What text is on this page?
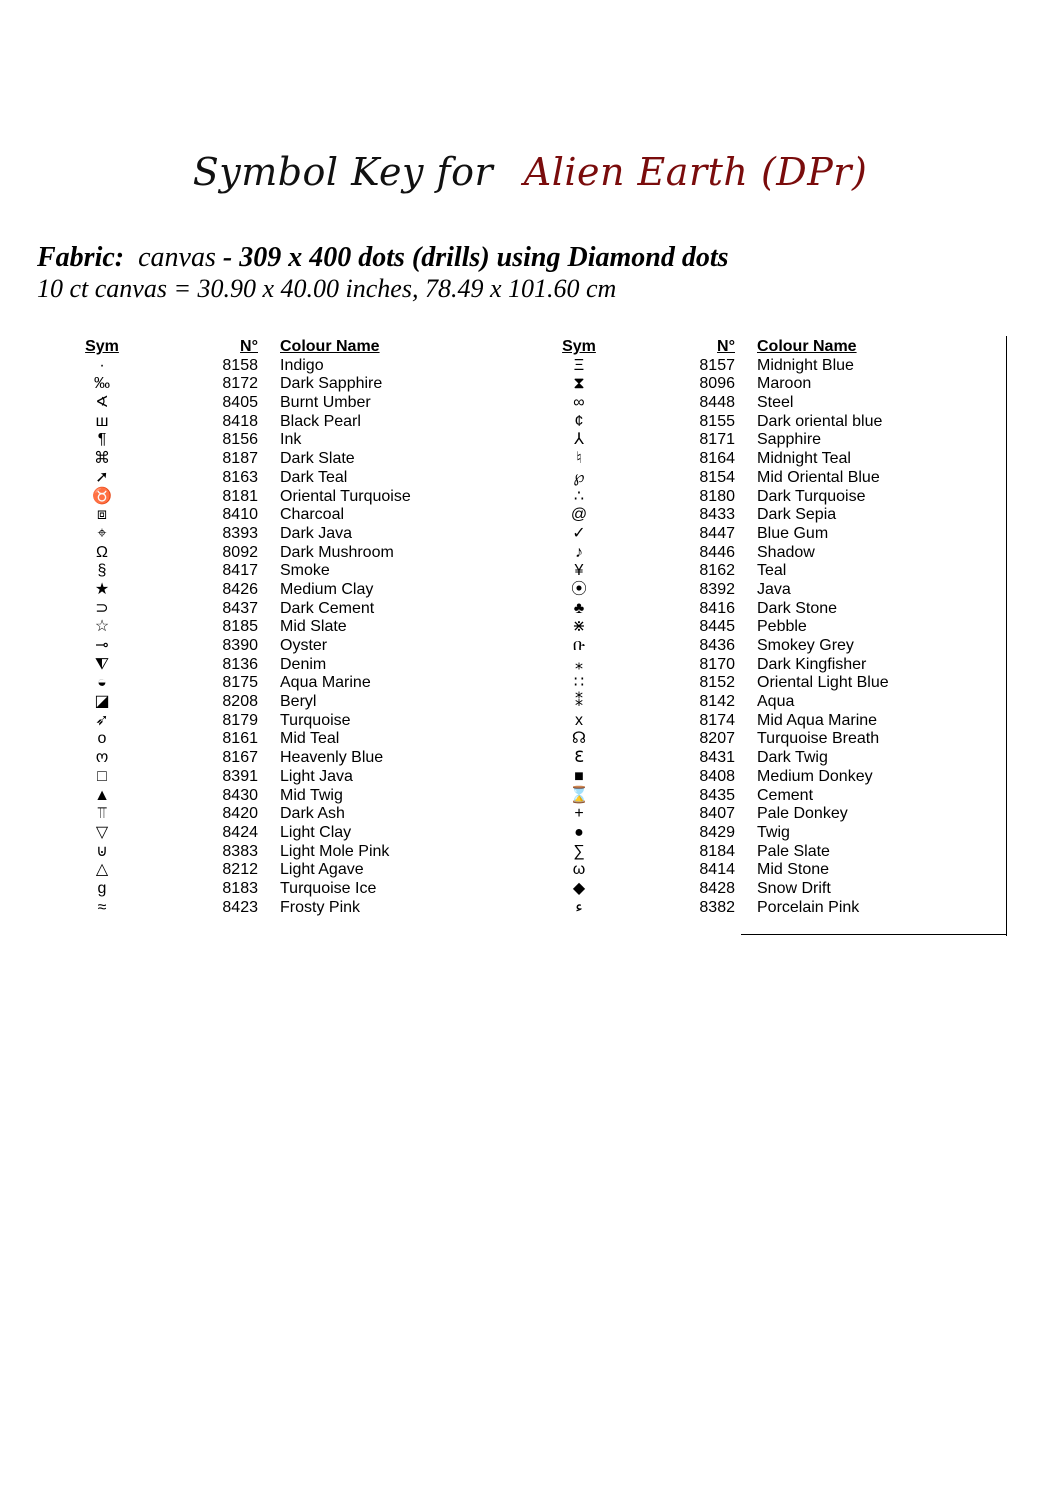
Symbol Key for Alien Earth (DPr)
Fabric: canvas - 309 x 400 dots (drills) using Diamond dots
10 ct canvas = 30.90 x 40.00 inches, 78.49 x 101.60 cm
Sym	N°	Colour Name
·	8158	Indigo
‰	8172	Dark Sapphire
∢	8405	Burnt Umber
ш	8418	Black Pearl
¶	8156	Ink
⌘	8187	Dark Slate
➚	8163	Dark Teal
♉	8181	Oriental Turquoise
⧈	8410	Charcoal
⌖	8393	Dark Java
Ω	8092	Dark Mushroom
§	8417	Smoke
★	8426	Medium Clay
⊃	8437	Dark Cement
☆	8185	Mid Slate
⊸	8390	Oyster
⧨	8136	Denim
◒	8175	Aqua Marine
◪	8208	Beryl
➶	8179	Turquoise
o	8161	Mid Teal
ო	8167	Heavenly Blue
□	8391	Light Java
▲	8430	Mid Twig
⫪	8420	Dark Ash
▽	8424	Light Clay
⊍	8383	Light Mole Pink
△	8212	Light Agave
g	8183	Turquoise Ice
≈	8423	Frosty Pink
Sym	N°	Colour Name
Ξ	8157	Midnight Blue
⧗	8096	Maroon
∞	8448	Steel
¢	8155	Dark oriental blue
⅄	8171	Sapphire
♮	8164	Midnight Teal
℘	8154	Mid Oriental Blue
∴	8180	Dark Turquoise
@	8433	Dark Sepia
✓	8447	Blue Gum
♪	8446	Shadow
¥	8162	Teal
⦿	8392	Java
♣	8416	Dark Stone
⋇	8445	Pebble
ቡ	8436	Smokey Grey
⁎	8170	Dark Kingfisher
∷	8152	Oriental Light Blue
⁑	8142	Aqua
x	8174	Mid Aqua Marine
☊	8207	Turquoise Breath
ℇ	8431	Dark Twig
■	8408	Medium Donkey
⌛	8435	Cement
+	8407	Pale Donkey
●	8429	Twig
∑	8184	Pale Slate
ω	8414	Mid Stone
◆	8428	Snow Drift
ء	8382	Porcelain Pink
